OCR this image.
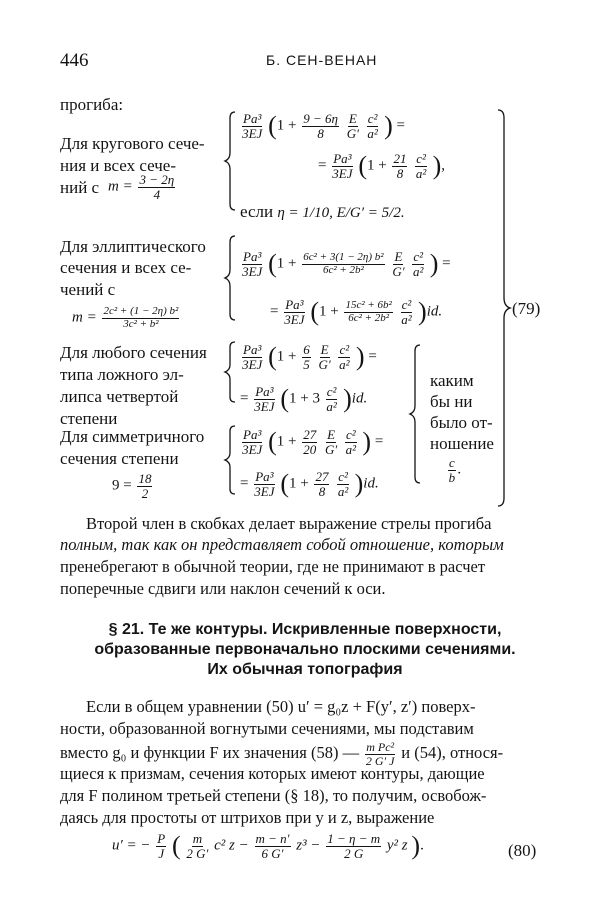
446	Б. СЕН-ВЕНАН
прогиба:
Для кругового сече-
ния и всех сече-
ний с $m = \frac{3 - 2\eta}{4}$
$\frac{\text{Pa³}}{3EJ} (1 + \frac{9 - 6\eta}{8}$
$\frac{E}{G'}$
$\frac{\text{c²}}{\text{a²}}$ ) =
= $\frac{\text{Pa³}}{3EJ} (1 + \frac{21}{8}$
$\frac{\text{c²}}{\text{a²}}$ ),
если η = 1/10, E/G′ = 5/2.
Для эллиптического
сечения и всех се-
чений с
$m = \frac{\text{2c² + (1 − 2η) b²}}{\text{3c² + b²}}$
$\frac{\text{Pa³}}{3EJ} (1 + \frac{\text{6c² + 3(1 − 2η) b²}}{\text{6c² + 2b²}}$
$\frac{E}{G'}$
$\frac{\text{c²}}{\text{a²}}$ ) =
= $\frac{\text{Pa³}}{3EJ} (1 + \frac{\text{15c² + 6b²}}{\text{6c² + 2b²}}$
$\frac{\text{c²}}{\text{a²}} )id$.
Для любого сечения
типа ложного эл-
липса четвертой
степени
$\frac{\text{Pa³}}{3EJ} (1 + \frac{6}{5}$
$\frac{E}{G'}$
$\frac{\text{c²}}{\text{a²}}$ ) =
= $\frac{\text{Pa³}}{3EJ} (1 + 3 \frac{\text{c²}}{\text{a²}} )id$.
Для симметричного
сечения степени
$9 = \frac{18}{2}$
$\frac{\text{Pa³}}{3EJ} (1 + \frac{27}{20}$
$\frac{E}{G'}$
$\frac{\text{c²}}{\text{a²}}$ ) =
= $\frac{\text{Pa³}}{3EJ} (1 + \frac{27}{8}$
$\frac{\text{c²}}{\text{a²}} )id$.
каким
бы ни
было от-
ношение
$\frac{c}{b}$ .
(79)
Второй член в скобках делает выражение стрелы прогиба
полным, так как он представляет собой отношение, которым
пренебрегают в обычной теории, где не принимают в расчет
поперечные сдвиги или наклон сечений к оси.
§ 21. Те же контуры. Искривленные поверхности,
образованные первоначально плоскими сечениями.
Их обычная топография
Если в общем уравнении (50) u′ = g₀z + F(y′, z′) поверх-
ности, образованной вогнутыми сечениями, мы подставим
вместо g₀ и функции F их значения (58) — $\frac{\text{m Pc²}}{2 G' J}$ и (54), относя-
щиеся к призмам, сечения которых имеют контуры, дающие
для F полином третьей степени (§ 18), то получим, освобож-
даясь для простоты от штрихов при y и z, выражение
u′ = − $\frac{P}{J}$ ( $\frac{m}{2 G'} c^2$ $z - \frac{m - n'}{6 G'} z^3 - \frac{1 - \eta - m}{2 G} y^2$ z ).	(80)
